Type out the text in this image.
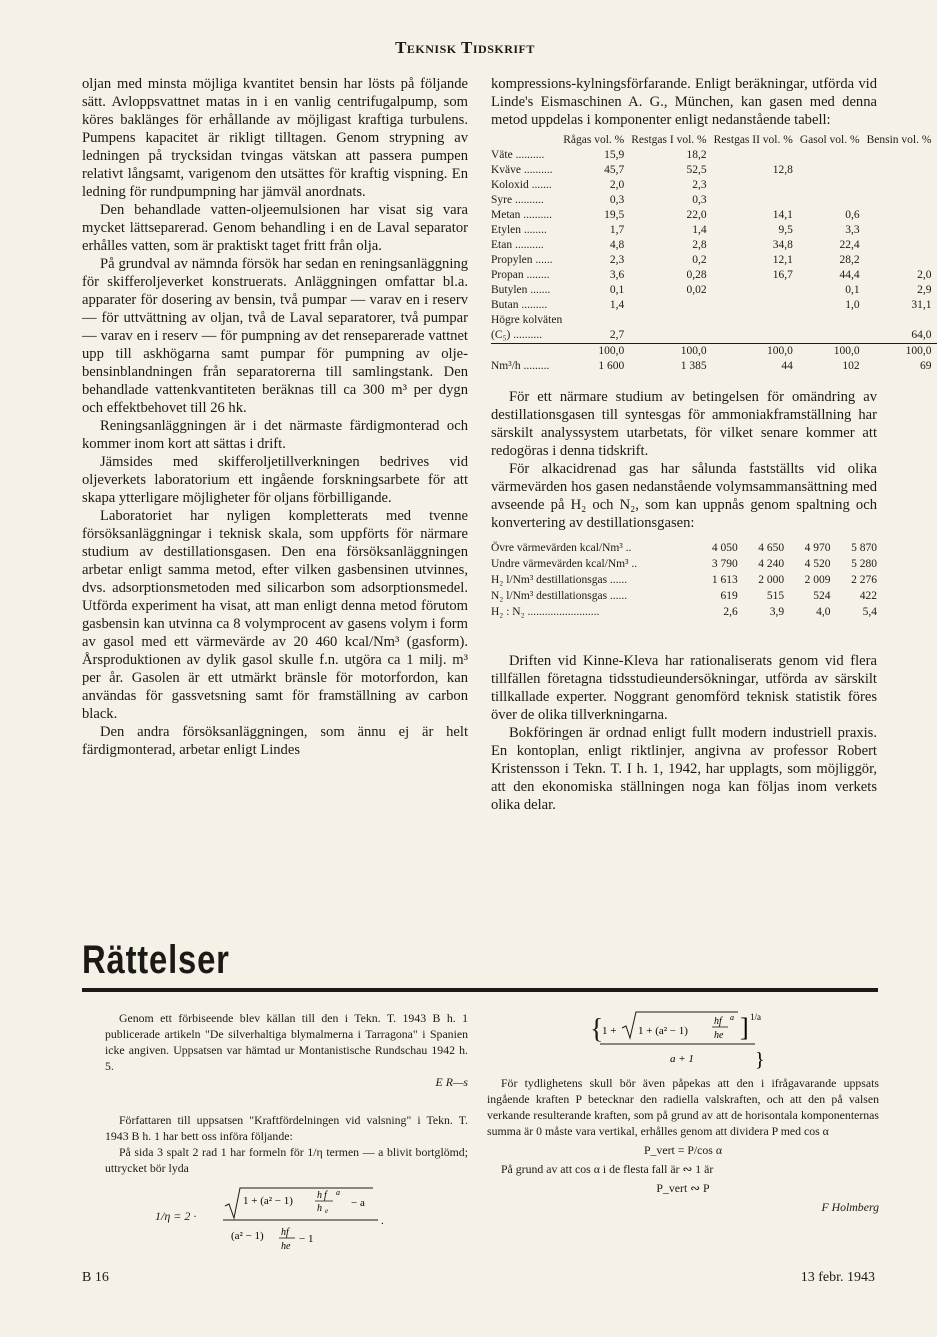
Teknisk Tidskrift

oljan med minsta möjliga kvantitet bensin har lösts på följande sätt. Avloppsvattnet matas in i en vanlig centrifugalpump, som köres baklänges för erhållande av möjligast kraftiga turbulens. Pumpens kapacitet är rikligt tilltagen. Genom strypning av ledningen på trycksidan tvingas vätskan att passera pumpen relativt långsamt, varigenom den utsättes för kraftig vispning. En ledning för rundpumpning har jämväl anordnats.

Den behandlade vatten-oljeemulsionen har visat sig vara mycket lättseparerad. Genom behandling i en de Laval separator erhålles vatten, som är praktiskt taget fritt från olja.

På grundval av nämnda försök har sedan en reningsanläggning för skifferoljeverket konstruerats. Anläggningen omfattar bl.a. apparater för dosering av bensin, två pumpar — varav en i reserv — för uttvättning av oljan, två de Laval separatorer, två pumpar — varav en i reserv — för pumpning av det renseparerade vattnet upp till askhögarna samt pumpar för pumpning av olje-bensinblandningen från separatorerna till samlingstank. Den behandlade vattenkvantiteten beräknas till ca 300 m³ per dygn och effektbehovet till 26 hk.

Reningsanläggningen är i det närmaste färdigmonterad och kommer inom kort att sättas i drift.

Jämsides med skifferoljetillverkningen bedrives vid oljeverkets laboratorium ett ingående forskningsarbete för att skapa ytterligare möjligheter för oljans förbilligande.

Laboratoriet har nyligen kompletterats med tvenne försöksanläggningar i teknisk skala, som uppförts för närmare studium av destillationsgasen. Den ena försöksanläggningen arbetar enligt samma metod, efter vilken gasbensinen utvinnes, dvs. adsorptionsmetoden med silicarbon som adsorptionsmedel. Utförda experiment ha visat, att man enligt denna metod förutom gasbensin kan utvinna ca 8 volymprocent av gasens volym i form av gasol med ett värmevärde av 20 460 kcal/Nm³ (gasform). Årsproduktionen av dylik gasol skulle f.n. utgöra ca 1 milj. m³ per år. Gasolen är ett utmärkt bränsle för motorfordon, kan användas för gassvetsning samt för framställning av carbon black.

Den andra försöksanläggningen, som ännu ej är helt färdigmonterad, arbetar enligt Lindes

kompressions-kylningsförfarande. Enligt beräkningar, utförda vid Linde's Eismaschinen A. G., München, kan gasen med denna metod uppdelas i komponenter enligt nedanstående tabell:

	Rågas vol. %	Restgas I vol. %	Restgas II vol. %	Gasol vol. %	Bensin vol. %
Väte ..........	15,9	18,2			
Kväve ..........	45,7	52,5	12,8		
Koloxid .......	2,0	2,3			
Syre ..........	0,3	0,3			
Metan ..........	19,5	22,0	14,1	0,6	
Etylen ........	1,7	1,4	9,5	3,3	
Etan ..........	4,8	2,8	34,8	22,4	
Propylen ......	2,3	0,2	12,1	28,2	
Propan ........	3,6	0,28	16,7	44,4	2,0
Butylen .......	0,1	0,02		0,1	2,9
Butan .........	1,4			1,0	31,1
Högre kolväten					
(C₅) ..........	2,7				64,0
	100,0	100,0	100,0	100,0	100,0
Nm³/h .........	1 600	1 385	44	102	69

För ett närmare studium av betingelsen för omändring av destillationsgasen till syntesgas för ammoniakframställning har särskilt analyssystem utarbetats, för vilket senare kommer att redogöras i denna tidskrift.

För alkacidrenad gas har sålunda fastställts vid olika värmevärden hos gasen nedanstående volymsammansättning med avseende på H₂ och N₂, som kan uppnås genom spaltning och konvertering av destillationsgasen:

Övre värmevärden kcal/Nm³ ..	4 050	4 650	4 970	5 870
Undre värmevärden kcal/Nm³ ..	3 790	4 240	4 520	5 280
H₂ l/Nm³ destillationsgas ......	1 613	2 000	2 009	2 276
N₂ l/Nm³ destillationsgas ......	619	515	524	422
H₂ : N₂ .........................	2,6	3,9	4,0	5,4

Driften vid Kinne-Kleva har rationaliserats genom vid flera tillfällen företagna tidsstudieundersökningar, utförda av särskilt tillkallade experter. Noggrant genomförd teknisk statistik föres över de olika tillverkningarna.

Bokföringen är ordnad enligt fullt modern industriell praxis. En kontoplan, enligt riktlinjer, angivna av professor Robert Kristensson i Tekn. T. I h. 1, 1942, har upplagts, som möjliggör, att den ekonomiska ställningen noga kan följas inom verkets olika delar.

Rättelser

Genom ett förbiseende blev källan till den i Tekn. T. 1943 B h. 1 publicerade artikeln "De silverhaltiga blymalmerna i Tarragona" i Spanien icke angiven. Uppsatsen var hämtad ur Montanistische Rundschau 1942 h. 5.

E R—s

Författaren till uppsatsen "Kraftfördelningen vid valsning" i Tekn. T. 1943 B h. 1 har bett oss införa följande:

På sida 3 spalt 2 rad 1 har formeln för 1/η termen — a blivit bortglömd; uttrycket bör lyda

1/η = 2 ·
1 + (a² − 1) h f
h e
a
− a
(a² − 1) hf
he
− 1
.

För tydlighetens skull bör även påpekas att den i ifrågavarande uppsats ingående kraften P betecknar den radiella valskraften, och att den på valsen verkande resulterande kraften, som på grund av att de horisontala komponenternas summa är 0 måste vara vertikal, erhålles genom att dividera P med cos α

P_vert = P/cos α

På grund av att cos α i de flesta fall är ∾ 1 är

P_vert ∾ P
F Holmberg
{
1 + 1 + (a² − 1)
hf
he
a ] 1/a
a + 1	}
B 16	13 febr. 1943
